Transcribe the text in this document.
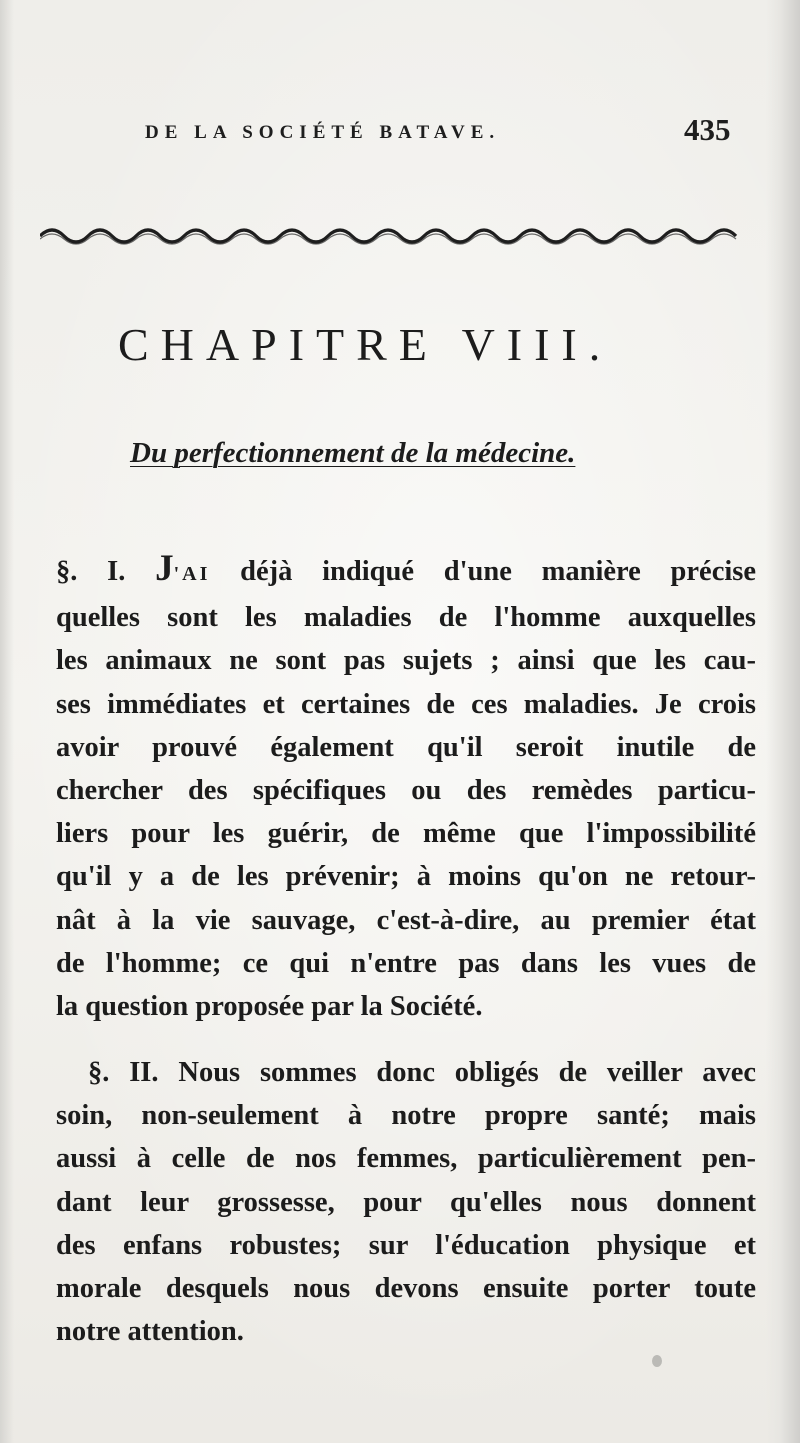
DE LA SOCIÉTÉ BATAVE.	435
CHAPITRE VIII.
Du perfectionnement de la médecine.
§. I. J'AI déjà indiqué d'une manière précise
quelles sont les maladies de l'homme auxquelles
les animaux ne sont pas sujets ; ainsi que les cau-
ses immédiates et certaines de ces maladies. Je crois
avoir prouvé également qu'il seroit inutile de
chercher des spécifiques ou des remèdes particu-
liers pour les guérir, de même que l'impossibilité
qu'il y a de les prévenir; à moins qu'on ne retour-
nât à la vie sauvage, c'est-à-dire, au premier état
de l'homme; ce qui n'entre pas dans les vues de
la question proposée par la Société.
§. II. Nous sommes donc obligés de veiller avec
soin, non-seulement à notre propre santé; mais
aussi à celle de nos femmes, particulièrement pen-
dant leur grossesse, pour qu'elles nous donnent
des enfans robustes; sur l'éducation physique et
morale desquels nous devons ensuite porter toute
notre attention.
